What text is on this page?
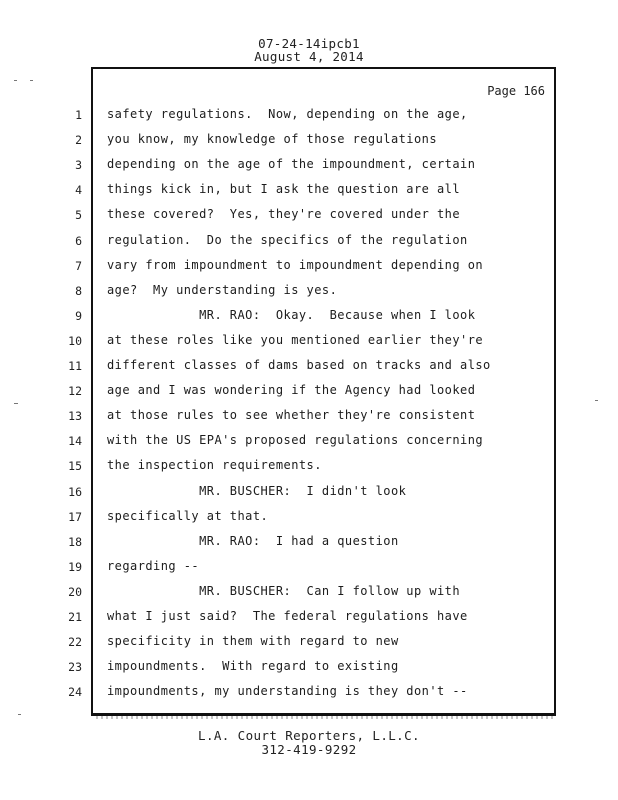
07-24-14ipcb1
August 4, 2014
Page 166
1 safety regulations.  Now, depending on the age,
2 you know, my knowledge of those regulations
3 depending on the age of the impoundment, certain
4 things kick in, but I ask the question are all
5 these covered?  Yes, they're covered under the
6 regulation.  Do the specifics of the regulation
7 vary from impoundment to impoundment depending on
8 age?  My understanding is yes.
9 MR. RAO:  Okay.  Because when I look
10 at these roles like you mentioned earlier they're
11 different classes of dams based on tracks and also
12 age and I was wondering if the Agency had looked
13 at those rules to see whether they're consistent
14 with the US EPA's proposed regulations concerning
15 the inspection requirements.
16 MR. BUSCHER:  I didn't look
17 specifically at that.
18 MR. RAO:  I had a question
19 regarding --
20 MR. BUSCHER:  Can I follow up with
21 what I just said?  The federal regulations have
22 specificity in them with regard to new
23 impoundments.  With regard to existing
24 impoundments, my understanding is they don't --
L.A. Court Reporters, L.L.C.
312-419-9292
